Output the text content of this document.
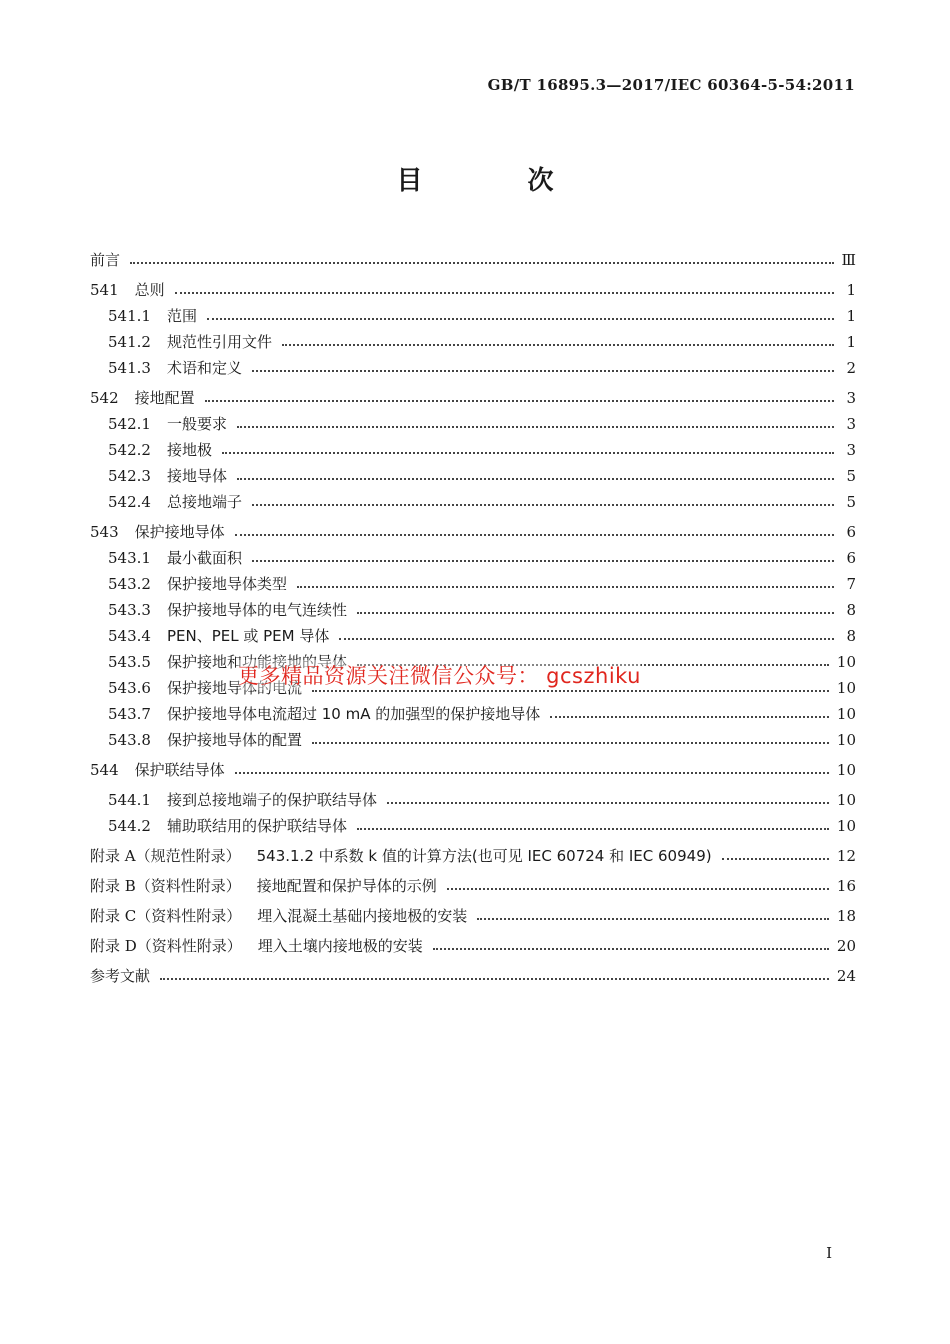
GB/T 16895.3—2017/IEC 60364-5-54:2011
目 次
前言	Ⅲ
541 总则	1
541.1 范围	1
541.2 规范性引用文件	1
541.3 术语和定义	2
542 接地配置	3
542.1 一般要求	3
542.2 接地极	3
542.3 接地导体	5
542.4 总接地端子	5
543 保护接地导体	6
543.1 最小截面积	6
543.2 保护接地导体类型	7
543.3 保护接地导体的电气连续性	8
543.4 PEN、PEL 或 PEM 导体	8
543.5 保护接地和功能接地的导体	10
543.6 保护接地导体的电流	10
543.7 保护接地导体电流超过 10 mA 的加强型的保护接地导体	10
543.8 保护接地导体的配置	10
544 保护联结导体	10
544.1 接到总接地端子的保护联结导体	10
544.2 辅助联结用的保护联结导体	10
附录 A（规范性附录） 543.1.2 中系数 k 值的计算方法(也可见 IEC 60724 和 IEC 60949)	12
附录 B（资料性附录） 接地配置和保护导体的示例	16
附录 C（资料性附录） 埋入混凝土基础内接地极的安装	18
附录 D（资料性附录） 埋入土壤内接地极的安装	20
参考文献	24
更多精品资源关注微信公众号： gcszhiku
I
